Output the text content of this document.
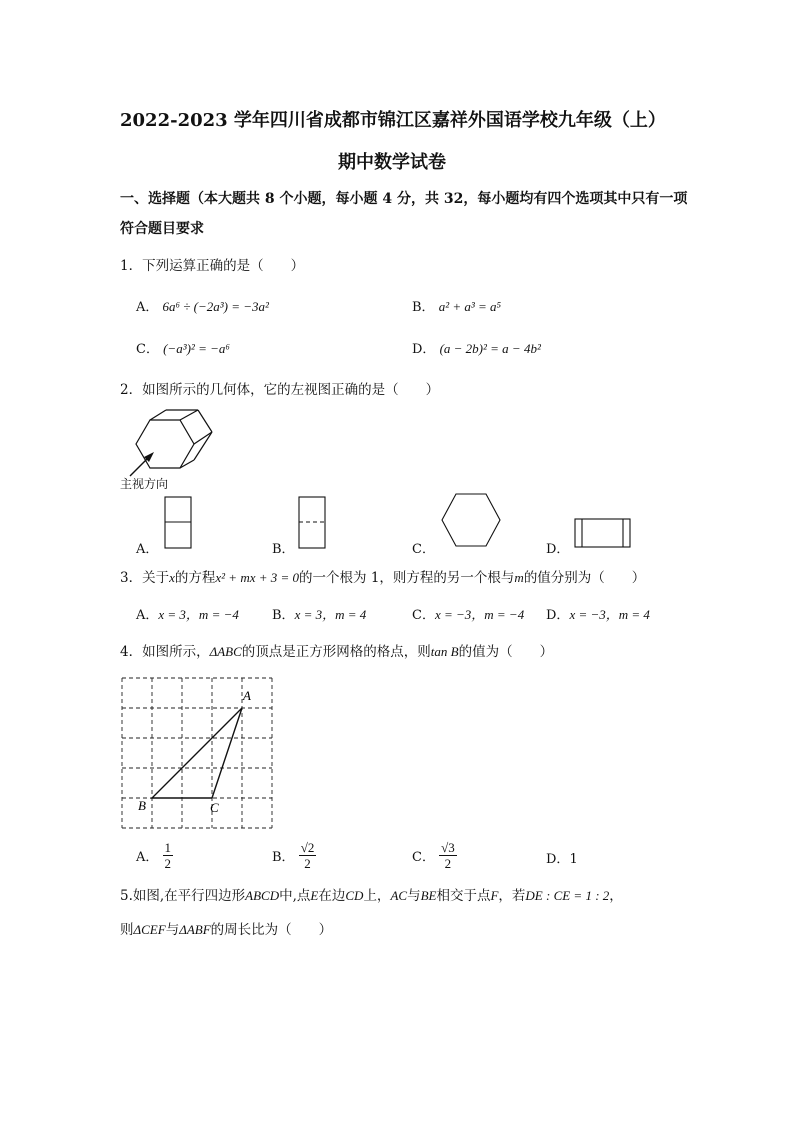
2022-2023 学年四川省成都市锦江区嘉祥外国语学校九年级（上）
期中数学试卷
一、选择题（本大题共 8 个小题，每小题 4 分，共 32，每小题均有四个选项其中只有一项
符合题目要求
1．下列运算正确的是（　　）
A． 6a⁶ ÷ (−2a³) = −3a²	B． a² + a³ = a⁵
C． (−a³)² = −a⁶	D． (a − 2b)² = a − 4b²
2．如图所示的几何体，它的左视图正确的是（　　）
主视方向
A．	B．	C．	D．
3．关于x的方程x² + mx + 3 = 0的一个根为 1，则方程的另一个根与m的值分别为（　　）
A．x = 3，m = −4	B．x = 3，m = 4	C．x = −3，m = −4 D．x = −3，m = 4
4．如图所示，ΔABC的顶点是正方形网格的格点，则tan B的值为（　　）
A
B	C
A． $\frac{1}{2}$	B． $\frac{√2}{2}$	C． $\frac{√3}{2}$	D．1
5.如图,在平行四边形ABCD中,点E在边CD上，AC与BE相交于点F，若DE : CE = 1 : 2，
则ΔCEF与ΔABF的周长比为（　　）
